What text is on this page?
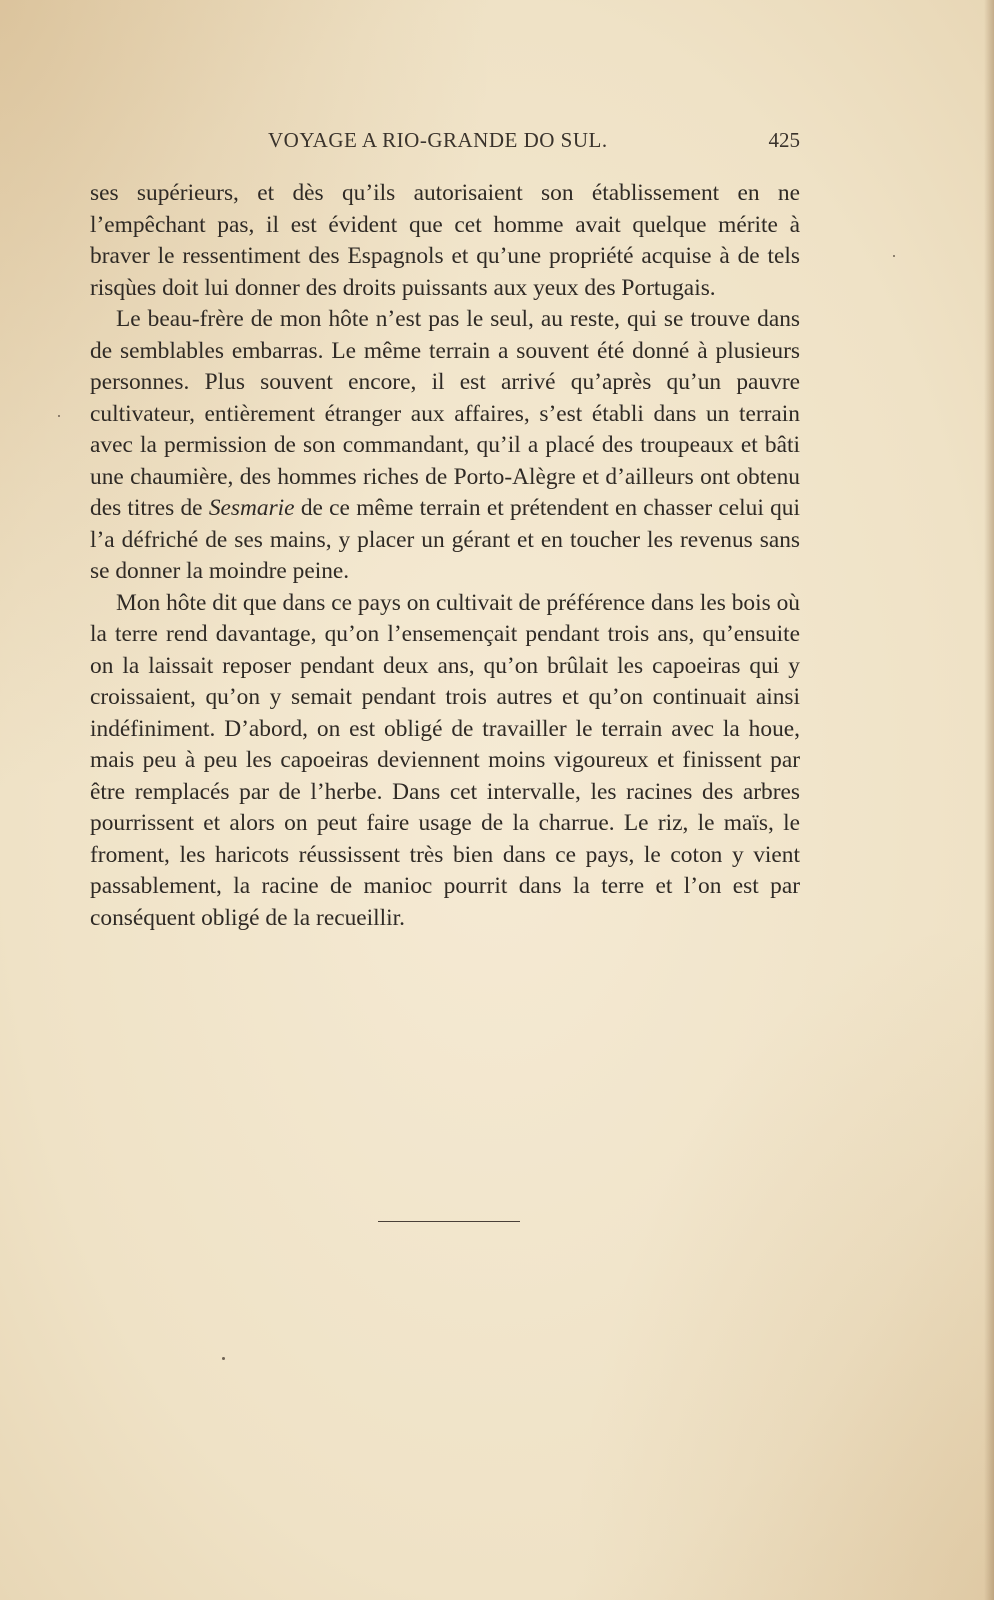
VOYAGE A RIO-GRANDE DO SUL.	425

ses supérieurs, et dès qu’ils autorisaient son établissement en ne l’empêchant pas, il est évident que cet homme avait quelque mérite à braver le ressentiment des Espagnols et qu’une propriété acquise à de tels risqùes doit lui donner des droits puissants aux yeux des Portugais.

Le beau-frère de mon hôte n’est pas le seul, au reste, qui se trouve dans de semblables embarras. Le même terrain a souvent été donné à plusieurs personnes. Plus souvent encore, il est arrivé qu’après qu’un pauvre cultivateur, entièrement étranger aux affaires, s’est établi dans un terrain avec la permission de son commandant, qu’il a placé des troupeaux et bâti une chaumière, des hommes riches de Porto-Alègre et d’ailleurs ont obtenu des titres de Sesmarie de ce même terrain et prétendent en chasser celui qui l’a défriché de ses mains, y placer un gérant et en toucher les revenus sans se donner la moindre peine.

Mon hôte dit que dans ce pays on cultivait de préférence dans les bois où la terre rend davantage, qu’on l’ensemençait pendant trois ans, qu’ensuite on la laissait reposer pendant deux ans, qu’on brûlait les capoeiras qui y croissaient, qu’on y semait pendant trois autres et qu’on continuait ainsi indéfiniment. D’abord, on est obligé de travailler le terrain avec la houe, mais peu à peu les capoeiras deviennent moins vigoureux et finissent par être remplacés par de l’herbe. Dans cet intervalle, les racines des arbres pourrissent et alors on peut faire usage de la charrue. Le riz, le maïs, le froment, les haricots réussissent très bien dans ce pays, le coton y vient passablement, la racine de manioc pourrit dans la terre et l’on est par conséquent obligé de la recueillir.
